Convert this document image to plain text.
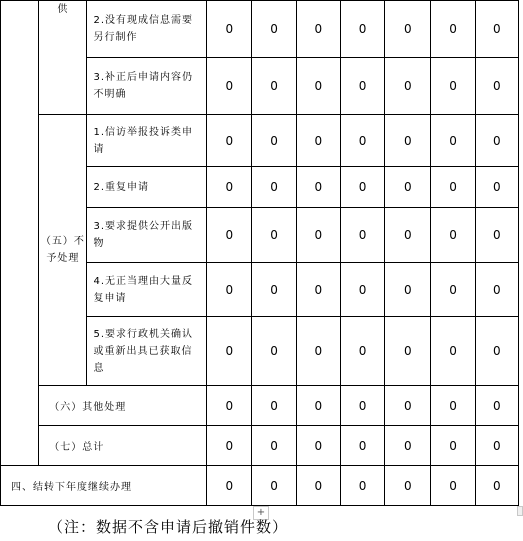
	供	2.没有现成信息需要另行制作	0	0	0	0	0	0	0
		3.补正后申请内容仍不明确	0	0	0	0	0	0	0
	（五）不予处理	1.信访举报投诉类申请	0	0	0	0	0	0	0
		2.重复申请	0	0	0	0	0	0	0
		3.要求提供公开出版物	0	0	0	0	0	0	0
		4.无正当理由大量反复申请	0	0	0	0	0	0	0
		5.要求行政机关确认或重新出具已获取信息	0	0	0	0	0	0	0
	（六）其他处理		0	0	0	0	0	0	0
	（七）总计		0	0	0	0	0	0	0
四、结转下年度继续办理			0	0	0	0	0	0	0
+
（注：数据不含申请后撤销件数）
